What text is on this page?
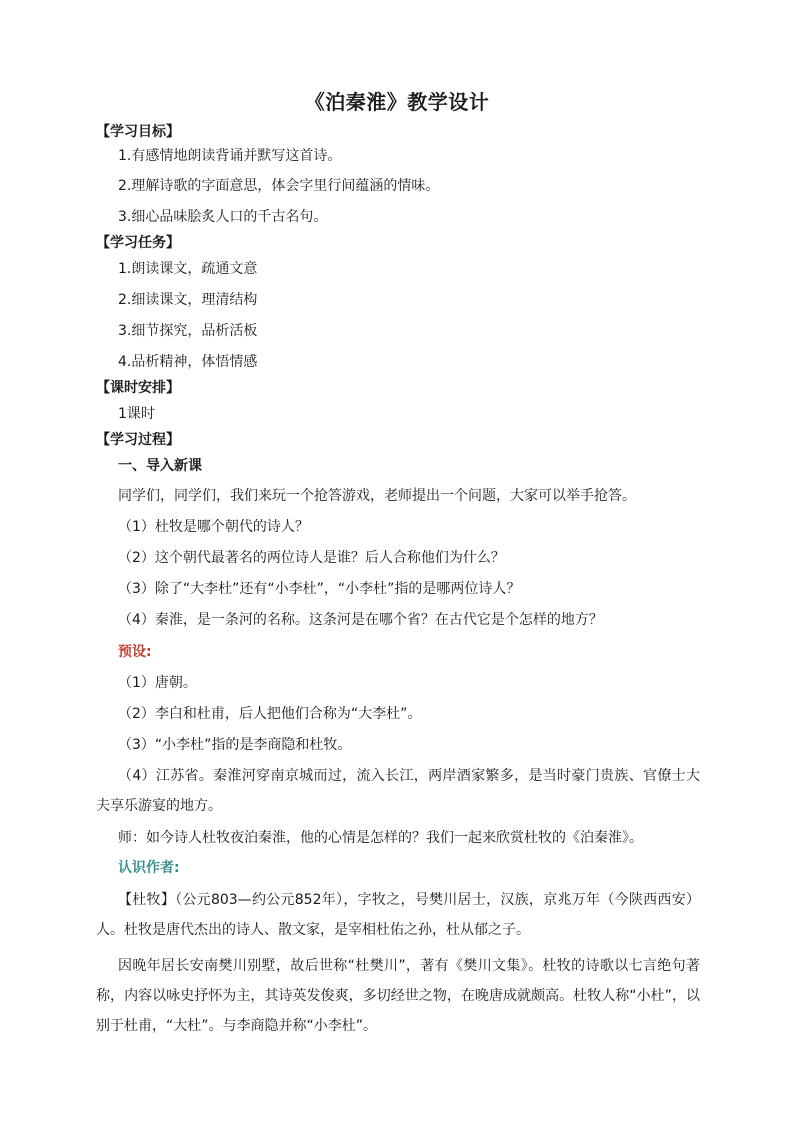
《泊秦淮》教学设计
【学习目标】
1.有感情地朗读背诵并默写这首诗。
2.理解诗歌的字面意思，体会字里行间蕴涵的情味。
3.细心品味脍炙人口的千古名句。
【学习任务】
1.朗读课文，疏通文意
2.细读课文，理清结构
3.细节探究，品析活板
4.品析精神，体悟情感
【课时安排】
1课时
【学习过程】
一、导入新课
同学们，同学们，我们来玩一个抢答游戏，老师提出一个问题，大家可以举手抢答。
（1）杜牧是哪个朝代的诗人？
（2）这个朝代最著名的两位诗人是谁？后人合称他们为什么？
（3）除了“大李杜”还有“小李杜”，“小李杜”指的是哪两位诗人？
（4）秦淮，是一条河的名称。这条河是在哪个省？在古代它是个怎样的地方？
预设:
（1）唐朝。
（2）李白和杜甫，后人把他们合称为“大李杜”。
（3）“小李杜”指的是李商隐和杜牧。
（4）江苏省。秦淮河穿南京城而过，流入长江，两岸酒家繁多，是当时豪门贵族、官僚士大夫享乐游宴的地方。
师：如今诗人杜牧夜泊秦淮，他的心情是怎样的？我们一起来欣赏杜牧的《泊秦淮》。
认识作者:
【杜牧】（公元803—约公元852年），字牧之，号樊川居士，汉族，京兆万年（今陕西西安）人。杜牧是唐代杰出的诗人、散文家，是宰相杜佑之孙，杜从郁之子。
因晚年居长安南樊川别墅，故后世称“杜樊川”，著有《樊川文集》。杜牧的诗歌以七言绝句著称，内容以咏史抒怀为主，其诗英发俊爽，多切经世之物，在晚唐成就颇高。杜牧人称“小杜”，以别于杜甫，“大杜”。与李商隐并称“小李杜”。
